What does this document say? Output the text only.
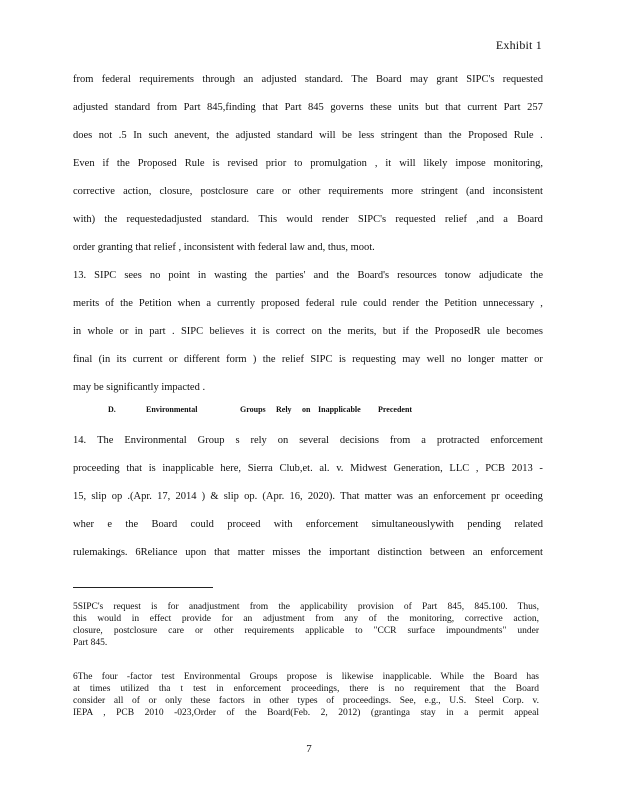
Exhibit 1
from federal requirements through an adjusted standard. The Board may grant SIPC's requested
adjusted standard from Part 845,finding that Part 845 governs these units but that current Part 257
does not .5 In such anevent, the adjusted standard will be less stringent than the Proposed Rule .
Even if the Proposed Rule is revised prior to promulgation , it will likely impose monitoring,
corrective action, closure, postclosure care or other requirements more stringent (and inconsistent
with) the requestedadjusted standard. This would render SIPC's requested relief ,and a Board
order granting that relief , inconsistent with federal law and, thus, moot.
13. SIPC sees no point in wasting the parties' and the Board's resources tonow adjudicate the
merits of the Petition when a currently proposed federal rule could render the Petition unnecessary ,
in whole or in part . SIPC believes it is correct on the merits, but if the ProposedR ule becomes
final (in its current or different form ) the relief SIPC is requesting may well no longer matter or
may be significantly impacted .
D.	Environmental	Groups	Rely	on Inapplicable	Precedent
14. The Environmental Group s rely on several decisions from a protracted enforcement
proceeding that is inapplicable here, Sierra Club,et. al. v. Midwest Generation, LLC , PCB 2013 -
15, slip op .(Apr. 17, 2014 ) & slip op. (Apr. 16, 2020). That matter was an enforcement pr oceeding
wher e the Board could proceed with enforcement simultaneouslywith pending related
rulemakings. 6Reliance upon that matter misses the important distinction between an enforcement
5SIPC's request is for anadjustment from the applicability provision of Part 845, 845.100. Thus,
this would in effect provide for an adjustment from any of the monitoring, corrective action,
closure, postclosure care or other requirements applicable to "CCR surface impoundments" under
Part 845.
6The four -factor test Environmental Groups propose is likewise inapplicable. While the Board has
at times utilized tha t test in enforcement proceedings, there is no requirement that the Board
consider all of or only these factors in other types of proceedings. See, e.g., U.S. Steel Corp. v.
IEPA , PCB 2010 -023,Order of the Board(Feb. 2, 2012) (grantinga stay in a permit appeal
7
